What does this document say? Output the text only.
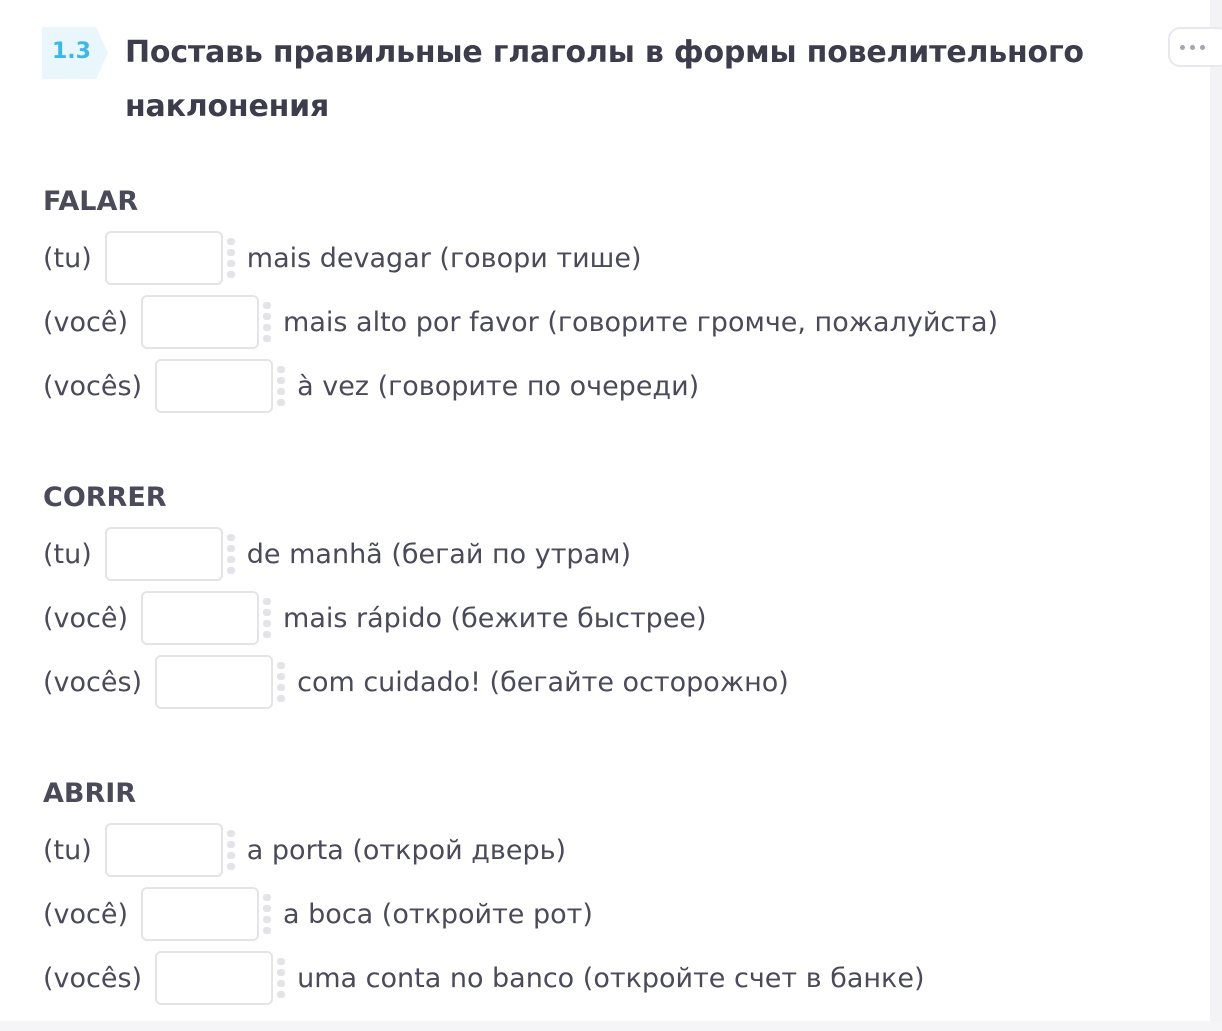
1.3 Поставь правильные глаголы в формы повелительного наклонения
FALAR
(tu)	mais devagar (говори тише)
(você)	mais alto por favor (говорите громче, пожалуйста)
(vocês)	à vez (говорите по очереди)
CORRER
(tu)	de manhã (бегай по утрам)
(você)	mais rápido (бежите быстрее)
(vocês)	com cuidado! (бегайте осторожно)
ABRIR
(tu)	a porta (открой дверь)
(você)	a boca (откройте рот)
(vocês)	uma conta no banco (откройте счет в банке)
